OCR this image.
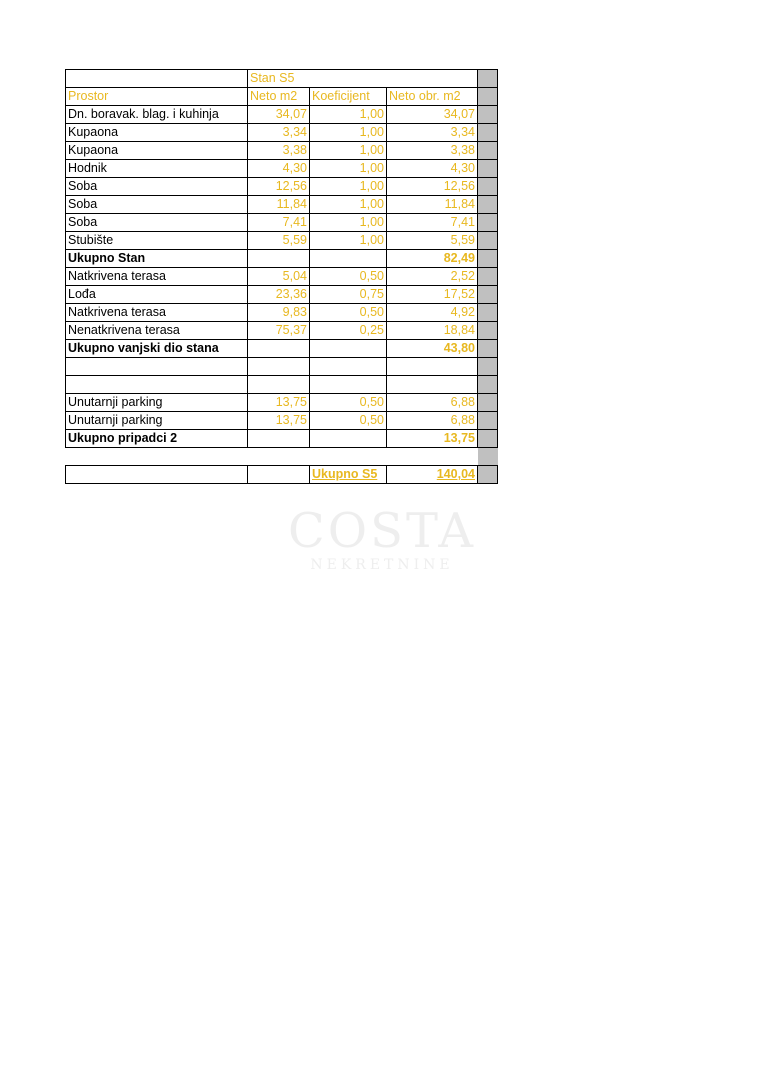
	Stan S5			
Prostor	Neto m2	Koeficijent	Neto obr. m2	
Dn. boravak. blag. i kuhinja	34,07	1,00	34,07	
Kupaona	3,34	1,00	3,34	
Kupaona	3,38	1,00	3,38	
Hodnik	4,30	1,00	4,30	
Soba	12,56	1,00	12,56	
Soba	11,84	1,00	11,84	
Soba	7,41	1,00	7,41	
Stubište	5,59	1,00	5,59	
Ukupno Stan			82,49	
Natkrivena terasa	5,04	0,50	2,52	
Lođa	23,36	0,75	17,52	
Natkrivena terasa	9,83	0,50	4,92	
Nenatkrivena terasa	75,37	0,25	18,84	
Ukupno vanjski dio stana			43,80	

Unutarnji parking	13,75	0,50	6,88	
Unutarnji parking	13,75	0,50	6,88	
Ukupno pripadci 2			13,75	

		Ukupno S5	140,04	
COSTA
NEKRETNINE
